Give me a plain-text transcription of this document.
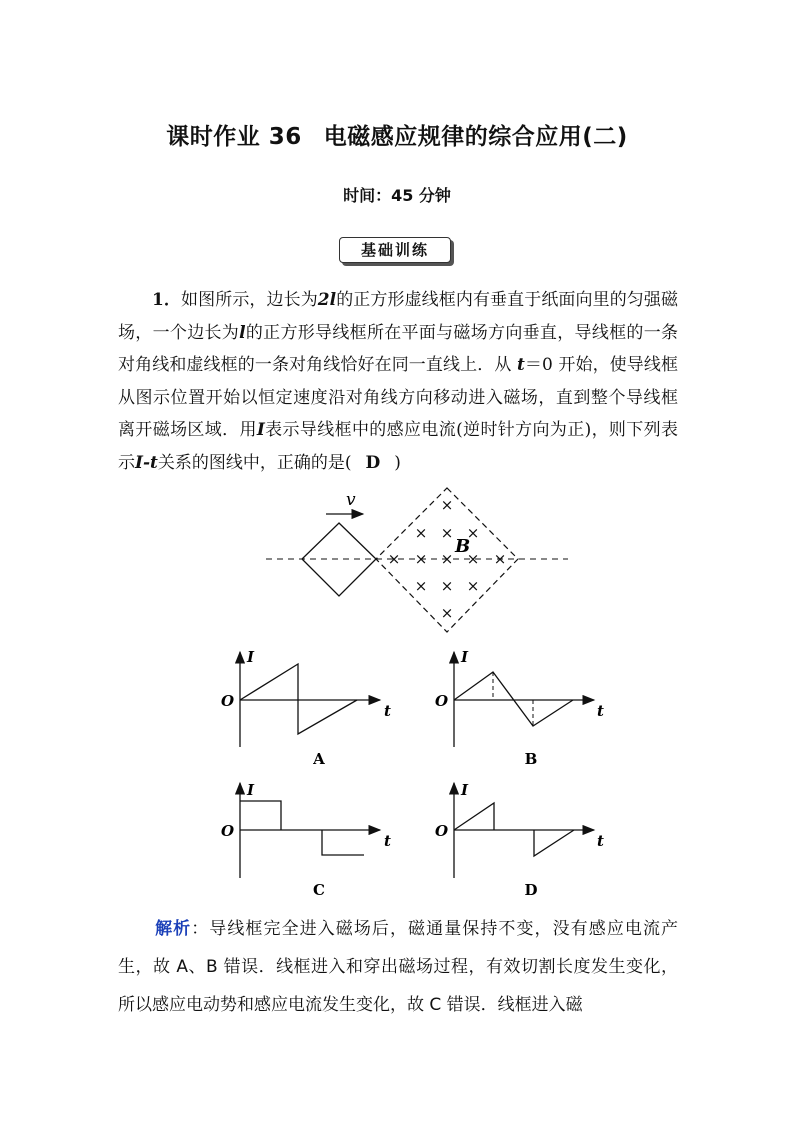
课时作业 36 电磁感应规律的综合应用(二)
时间：45 分钟
基础训练
1．如图所示，边长为2l的正方形虚线框内有垂直于纸面向里的匀强磁场，一个边长为l的正方形导线框所在平面与磁场方向垂直，导线框的一条对角线和虚线框的一条对角线恰好在同一直线上．从 t＝0 开始，使导线框从图示位置开始以恒定速度沿对角线方向移动进入磁场，直到整个导线框离开磁场区域．用I表示导线框中的感应电流(逆时针方向为正)，则下列表示I-t关系的图线中，正确的是( D )
v
B
×
× × ×
× × × × ×
× × ×
×
I
t
O
A
I
t
O
B
I
t
O
C
I
t
O
D
解析：导线框完全进入磁场后，磁通量保持不变，没有感应电流产生，故 A、B 错误．线框进入和穿出磁场过程，有效切割长度发生变化，所以感应电动势和感应电流发生变化，故 C 错误．线框进入磁
